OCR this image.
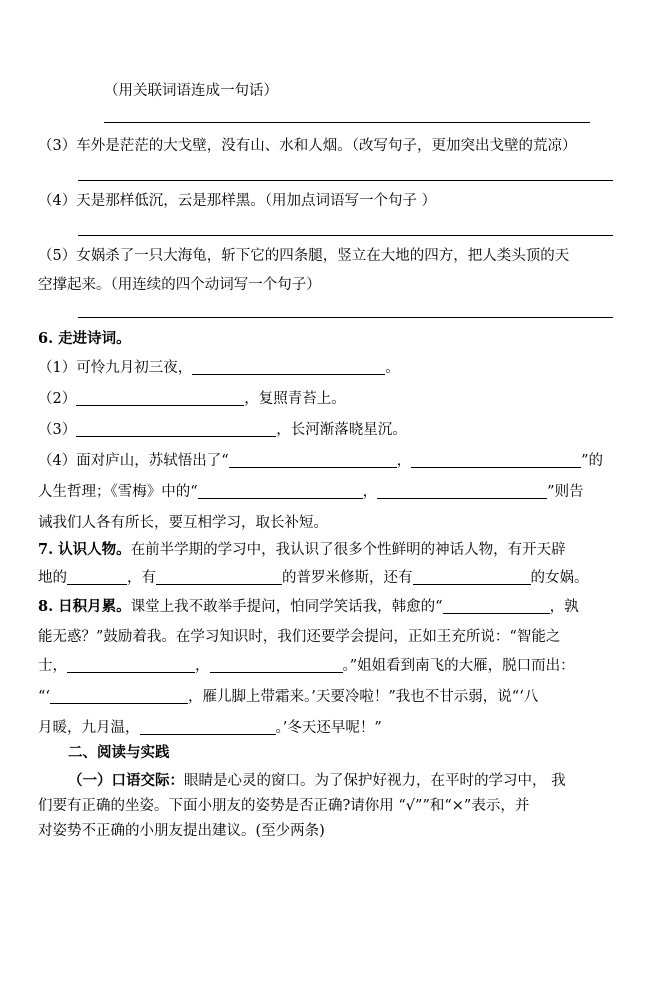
（用关联词语连成一句话）
（3）车外是茫茫的大戈壁，没有山、水和人烟。（改写句子，更加突出戈壁的荒凉）
（4）天是那样低沉，云是那样黑。（用加点词语写一个句子 ）
（5）女娲杀了一只大海龟，斩下它的四条腿，竖立在大地的四方，把人类头顶的天
空撑起来。（用连续的四个动词写一个句子）
6. 走进诗词。
（1）可怜九月初三夜，	。
（2）	，复照青苔上。
（3）	，长河渐落晓星沉。
（4）面对庐山，苏轼悟出了“	，	”的
人生哲理；《雪梅》中的“	，	”则告
诫我们人各有所长，要互相学习，取长补短。
7. 认识人物。在前半学期的学习中，我认识了很多个性鲜明的神话人物，有开天辟
地的	，有	的普罗米修斯，还有	的女娲。
8. 日积月累。课堂上我不敢举手提问，怕同学笑话我，韩愈的“	，孰
能无惑？”鼓励着我。在学习知识时，我们还要学会提问，正如王充所说：“智能之
士，	，	。”姐姐看到南飞的大雁，脱口而出：
“‘	，雁儿脚上带霜来。’天要冷啦！”我也不甘示弱，说“‘八
月暖，九月温，	。’冬天还早呢！”
二、阅读与实践
（一）口语交际：眼睛是心灵的窗口。为了保护好视力，在平时的学习中， 我
们要有正确的坐姿。下面小朋友的姿势是否正确?请你用 “√””和“×”表示，并
对姿势不正确的小朋友提出建议。(至少两条)
